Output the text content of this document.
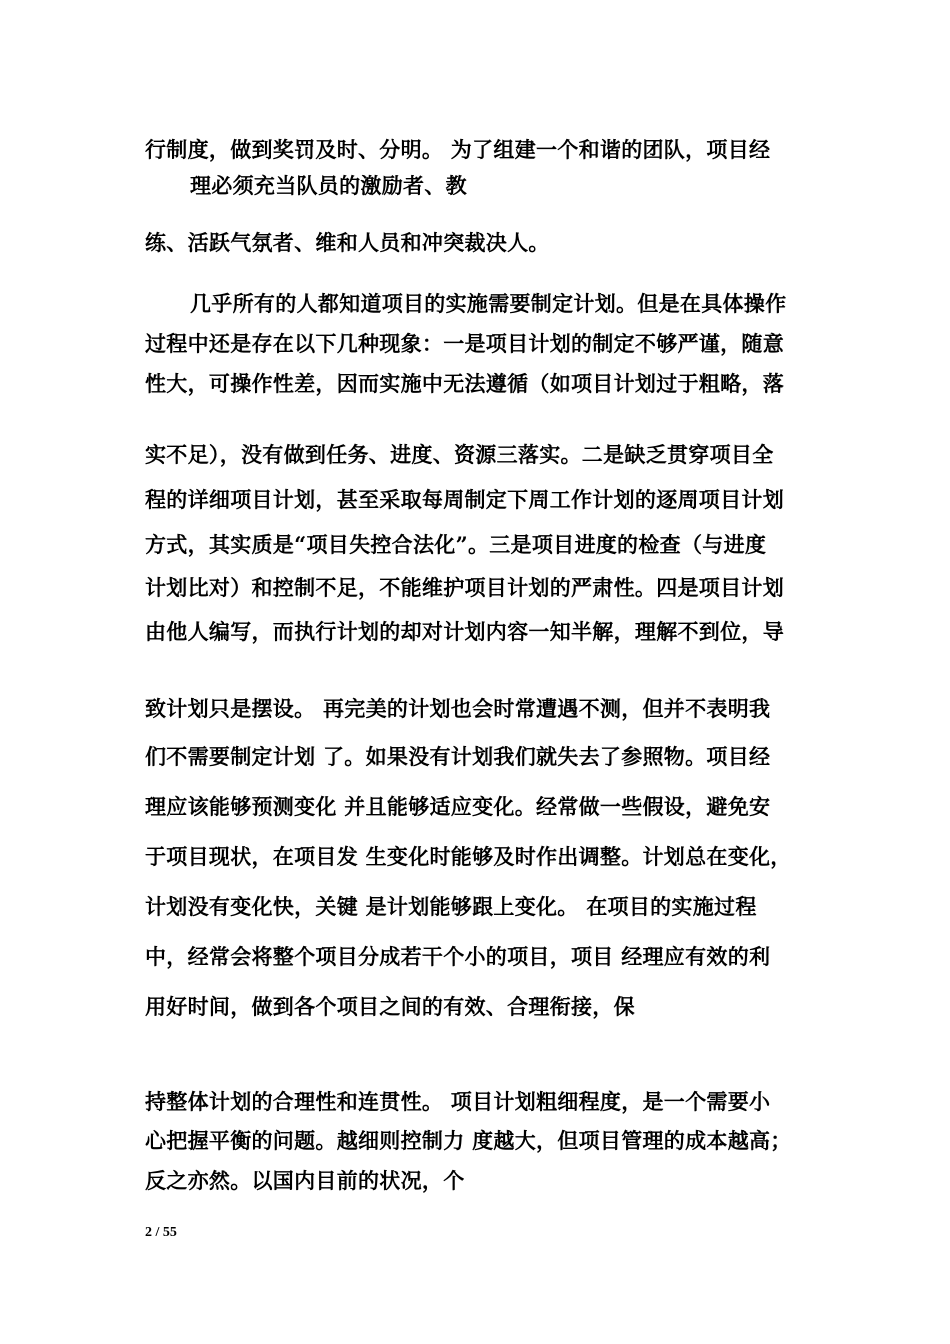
行制度，做到奖罚及时、分明。 为了组建一个和谐的团队，项目经
理必须充当队员的激励者、教
练、活跃气氛者、维和人员和冲突裁决人。
几乎所有的人都知道项目的实施需要制定计划。但是在具体操作
过程中还是存在以下几种现象：一是项目计划的制定不够严谨，随意
性大，可操作性差，因而实施中无法遵循（如项目计划过于粗略，落
实不足），没有做到任务、进度、资源三落实。二是缺乏贯穿项目全
程的详细项目计划，甚至采取每周制定下周工作计划的逐周项目计划
方式，其实质是“项目失控合法化”。三是项目进度的检查（与进度
计划比对）和控制不足，不能维护项目计划的严肃性。四是项目计划
由他人编写，而执行计划的却对计划内容一知半解，理解不到位，导
致计划只是摆设。 再完美的计划也会时常遭遇不测，但并不表明我
们不需要制定计划 了。如果没有计划我们就失去了参照物。项目经
理应该能够预测变化 并且能够适应变化。经常做一些假设，避免安
于项目现状，在项目发 生变化时能够及时作出调整。计划总在变化，
计划没有变化快，关键 是计划能够跟上变化。 在项目的实施过程
中，经常会将整个项目分成若干个小的项目，项目 经理应有效的利
用好时间，做到各个项目之间的有效、合理衔接，保
持整体计划的合理性和连贯性。 项目计划粗细程度，是一个需要小
心把握平衡的问题。越细则控制力 度越大，但项目管理的成本越高；
反之亦然。以国内目前的状况，个
2 / 55
